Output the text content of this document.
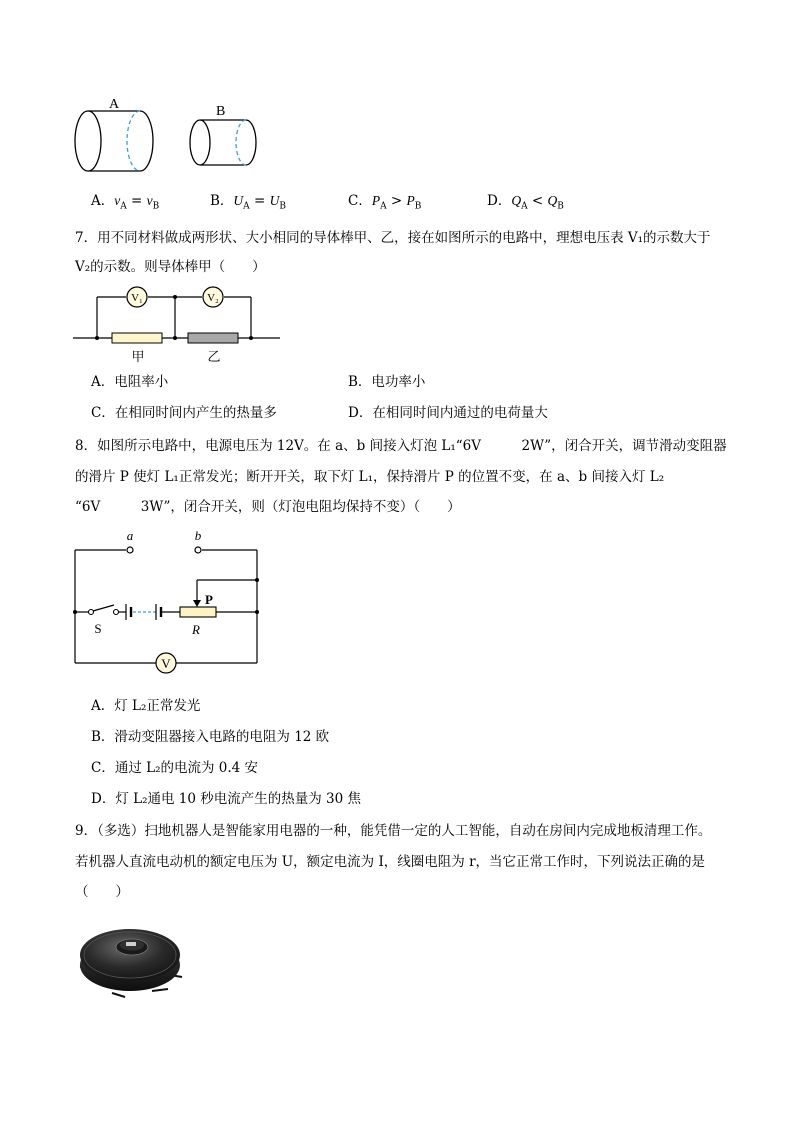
A	B
A．$v_A = v_B$	B．$U_A = U_B$	C．$P_A > P_B$	D．$Q_A < Q_B$
7．用不同材料做成两形状、大小相同的导体棒甲、乙，接在如图所示的电路中，理想电压表 V₁的示数大于
V₂的示数。则导体棒甲（　　）
V₁	V₂
甲	乙
A．电阻率小	B．电功率小
C．在相同时间内产生的热量多	D．在相同时间内通过的电荷量大
8．如图所示电路中，电源电压为 12V。在 a、b 间接入灯泡 L₁“6V　　　2W”，闭合开关，调节滑动变阻器
的滑片 P 使灯 L₁正常发光；断开开关，取下灯 L₁，保持滑片 P 的位置不变，在 a、b 间接入灯 L₂
“6V　　　3W”，闭合开关，则（灯泡电阻均保持不变）（　　）
a	b
S	R
P
V
A．灯 L₂正常发光
B．滑动变阻器接入电路的电阻为 12 欧
C．通过 L₂的电流为 0.4 安
D．灯 L₂通电 10 秒电流产生的热量为 30 焦
9．（多选）扫地机器人是智能家用电器的一种，能凭借一定的人工智能，自动在房间内完成地板清理工作。
若机器人直流电动机的额定电压为 U，额定电流为 I，线圈电阻为 r，当它正常工作时，下列说法正确的是
（　　）
